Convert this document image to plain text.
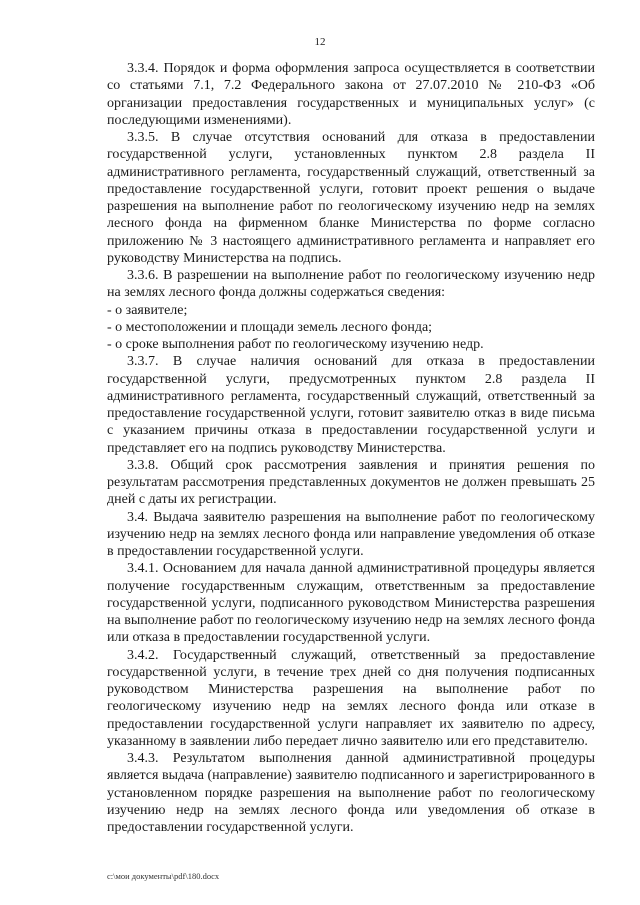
12

3.3.4. Порядок и форма оформления запроса осуществляется в соответствии со статьями 7.1, 7.2 Федерального закона от 27.07.2010 № 210-ФЗ «Об организации предоставления государственных и муниципальных услуг» (с последующими изменениями).

3.3.5. В случае отсутствия оснований для отказа в предоставлении государственной услуги, установленных пунктом 2.8 раздела II административного регламента, государственный служащий, ответственный за предоставление государственной услуги, готовит проект решения о выдаче разрешения на выполнение работ по геологическому изучению недр на землях лесного фонда на фирменном бланке Министерства по форме согласно приложению № 3 настоящего административного регламента и направляет его руководству Министерства на подпись.

3.3.6. В разрешении на выполнение работ по геологическому изучению недр на землях лесного фонда должны содержаться сведения:

- о заявителе;

- о местоположении и площади земель лесного фонда;

- о сроке выполнения работ по геологическому изучению недр.

3.3.7. В случае наличия оснований для отказа в предоставлении государственной услуги, предусмотренных пунктом 2.8 раздела II административного регламента, государственный служащий, ответственный за предоставление государственной услуги, готовит заявителю отказ в виде письма с указанием причины отказа в предоставлении государственной услуги и представляет его на подпись руководству Министерства.

3.3.8. Общий срок рассмотрения заявления и принятия решения по результатам рассмотрения представленных документов не должен превышать 25 дней с даты их регистрации.

3.4. Выдача заявителю разрешения на выполнение работ по геологическому изучению недр на землях лесного фонда или направление уведомления об отказе в предоставлении государственной услуги.

3.4.1. Основанием для начала данной административной процедуры является получение государственным служащим, ответственным за предоставление государственной услуги, подписанного руководством Министерства разрешения на выполнение работ по геологическому изучению недр на землях лесного фонда или отказа в предоставлении государственной услуги.

3.4.2. Государственный служащий, ответственный за предоставление государственной услуги, в течение трех дней со дня получения подписанных руководством Министерства разрешения на выполнение работ по геологическому изучению недр на землях лесного фонда или отказе в предоставлении государственной услуги направляет их заявителю по адресу, указанному в заявлении либо передает лично заявителю или его представителю.

3.4.3. Результатом выполнения данной административной процедуры является выдача (направление) заявителю подписанного и зарегистрированного в установленном порядке разрешения на выполнение работ по геологическому изучению недр на землях лесного фонда или уведомления об отказе в предоставлении государственной услуги.

c:\мои документы\pdf\180.docx
